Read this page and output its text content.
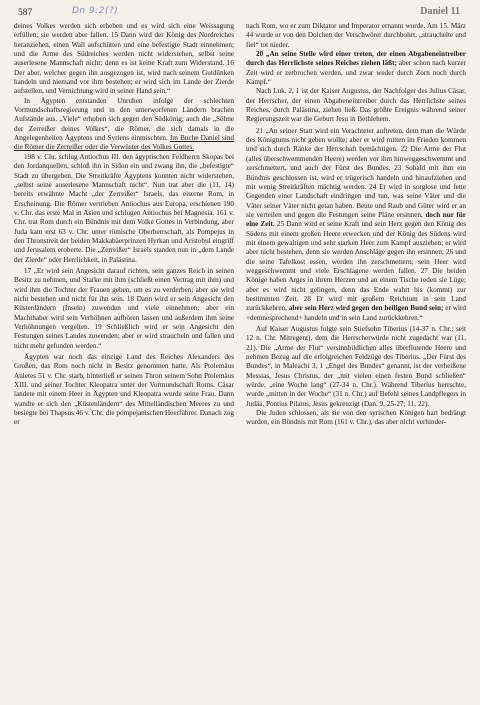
587	Dn 9:2(?)	Daniel 11

deines Volkes werden sich erheben und es wird sich eine Weissagung erfüllen; sie werden aber fallen. 15 Dann wird der König des Nordreiches heranziehen, einen Wall aufschütten und eine befestigte Stadt einnehmen; und die Arme des Südreiches werden nicht widerstehen, selbst seine auserlesene Mannschaft nicht; denn es ist keine Kraft zum Widerstand. 16 Der aber, welcher gegen ihn ausgezogen ist, wird nach seinem Gutdünken handeln und niemand vor ihm bestehen; er wird sich im Lande der Zierde aufstellen, und Vernichtung wird in seiner Hand sein.“

In Ägypten entstanden Unruhen infolge der schlechten Vormundschaftsregierung und in den unterworfenen Ländern brachen Aufstände aus. „Viele“ erhoben sich gegen den Südkönig; auch die „Söhne der Zerreißer deines Volkes“, die Römer, die sich damals in die Angelegenheiten Ägyptens und Syriens einmischten. Im Buche Daniel sind die Römer die Zerreißer oder die Verwüster des Volkes Gottes.

198 v. Chr. schlug Antiochus III. den ägyptischen Feldherrn Skopas bei den Jordanquellen, schloß ihn in Sidon ein und zwang ihn, die „befestigte“ Stadt zu übergeben. Die Streitkräfte Ägyptens konnten nicht widerstehen, „selbst seine auserlesene Mannschaft nicht“. Nun trat aber die (11, 14) bereits erwähnte Macht „der Zerreißer“ Israels, das eiserne Rom, in Erscheinung. Die Römer vertrieben Antiochus aus Europa, erschienen 190 v. Chr. das erste Mal in Asien und schlugen Antiochus bei Magnesia. 161 v. Chr. trat Rom durch ein Bündnis mit dem Volke Gottes in Verbindung, aber Juda kam erst 63 v. Chr. unter römische Oberherrschaft, als Pompejus in den Thronstreit der beiden Makkabäerprinzen Hyrkan und Aristobul eingriff und Jerusalem eroberte. Die „Zerreißer“ Israels standen nun in „dem Lande der Zierde“ oder Herrlichkeit, in Palästina.

17 „Er wird sein Angesicht darauf richten, sein ganzes Reich in seinen Besitz zu nehmen, und Starke mit ihm (schließt einen Vertrag mit ihm) und wird ihm die Tochter der Frauen geben, um es zu verderben; aber sie wird nicht bestehen und nicht für ihn sein. 18 Dann wird er sein Angesicht den Küstenländern (Inseln) zuwenden und viele einnehmen; aber ein Machthaber wird sein Verhöhnen aufhören lassen und außerdem ihm seine Verhöhnungen vergelten. 19 Schließlich wird er sein Angesicht den Festungen seines Landes zuwenden; aber er wird straucheln und fallen und nicht mehr gefunden werden.“

Ägypten war noch das einzige Land des Reiches Alexanders des Großen, das Rom noch nicht in Besitz genommen hatte. Als Ptolemäus Auletes 51 v. Chr. starb, hinterließ er seinen Thron seinem Sohn Ptolemäus XIII. und seiner Tochter Kleopatra unter der Vormundschaft Roms. Cäsar landete mit einem Heer in Ägypten und Kleopatra wurde seine Frau. Dann wandte er sich den „Küstenländern“ des Mittelländischen Meeres zu und besiegte bei Thapsus 46 v. Chr. die pompejanischen Heerführer. Danach zog er

nach Rom, wo er zum Diktator und Imperator ernannt wurde. Am 15. März 44 wurde er von den Dolchen der Verschwörer durchbohrt, „strauchelte und fiel“ tot nieder.

20 „An seine Stelle wird einer treten, der einen Abgabeneintreiber durch das Herrlichste seines Reiches ziehen läßt; aber schon nach kurzer Zeit wird er zerbrochen werden, und zwar weder durch Zorn noch durch Kampf.“

Nach Luk. 2, 1 ist der Kaiser Augustus, der Nachfolger des Julius Cäsar, der Herrscher, der einen Abgabeneintreiber durch das Herrlichste seines Reiches, durch Palästina, ziehen ließ. Das größte Ereignis während seiner Regierungszeit war die Geburt Jesu in Bethlehem.

21 „An seiner Statt wird ein Verachteter auftreten, dem man die Würde des Königtums nicht geben wollte; aber er wird mitten im Frieden kommen und sich durch Ränke der Herrschaft bemächtigen. 22 Die Arme der Flut (alles überschwemmenden Heere) werden vor ihm hinweggeschwemmt und zerschmettert, und auch der Fürst des Bundes. 23 Sobald mit ihm ein Bündnis geschlossen ist, wird er trügerisch handeln und hinaufziehen und mit wenig Streitkräften mächtig werden. 24 Er wird in sorglose und fette Gegenden einer Landschaft eindringen und tun, was seine Väter und die Väter seiner Väter nicht getan haben. Beute und Raub und Güter wird er an sie verteilen und gegen die Festungen seine Pläne ersinnen, doch nur für eine Zeit. 25 Dann wird er seine Kraft und sein Herz gegen den König des Südens mit einem großen Heere erwecken und der König des Südens wird mit einem gewaltigen und sehr starken Heer zum Kampf ausziehen; er wird aber nicht bestehen, denn sie werden Anschläge gegen ihn ersinnen; 26 und die seine Tafelkost essen, werden ihn zerschmettern; sein Heer wird weggeschwemmt und viele Erschlagene werden fallen. 27 Die beiden Könige haben Arges in ihrem Herzen und an einem Tische reden sie Lüge; aber es wird nicht gelingen, denn das Ende wahrt bis (kommt) zur bestimmten Zeit. 28 Er wird mit großem Reichtum in sein Land zurückkehren, aber sein Herz wird gegen den heiligen Bund sein; er wird +demnesprechend+ handeln und in sein Land zurückkehren.“

Auf Kaiser Augustus folgte sein Stiefsohn Tiberius (14-37 n. Chr.; seit 12 n. Chr. Mitregent), dem die Herrscherwürde nicht zugedacht war (11, 21). Die „Arme der Flut“ versinnbildlichen alles überflutende Heere und nehmen Bezug auf die erfolgreichen Feldzüge des Tiberius. „Der Fürst des Bundes“, in Maleachi 3, 1 „Engel des Bundes“ genannt, ist der verheißene Messias, Jesus Christus, der „mit vielen einen festen Bund schließen“ würde, „eine Woche lang“ (27-34 n. Chr.). Während Tiberius herrschte, wurde „mitten in der Woche“ (31 n. Chr.) auf Befehl seines Landpflegers in Judäa, Pontius Pilatus, Jesus gekreuzigt (Dan. 9, 25-27; 11, 22).

Die Juden schlossen, als sie von den syrischen Königen hart bedrängt wurden, ein Bündnis mit Rom (161 v. Chr.), das aber nicht verhinder-
